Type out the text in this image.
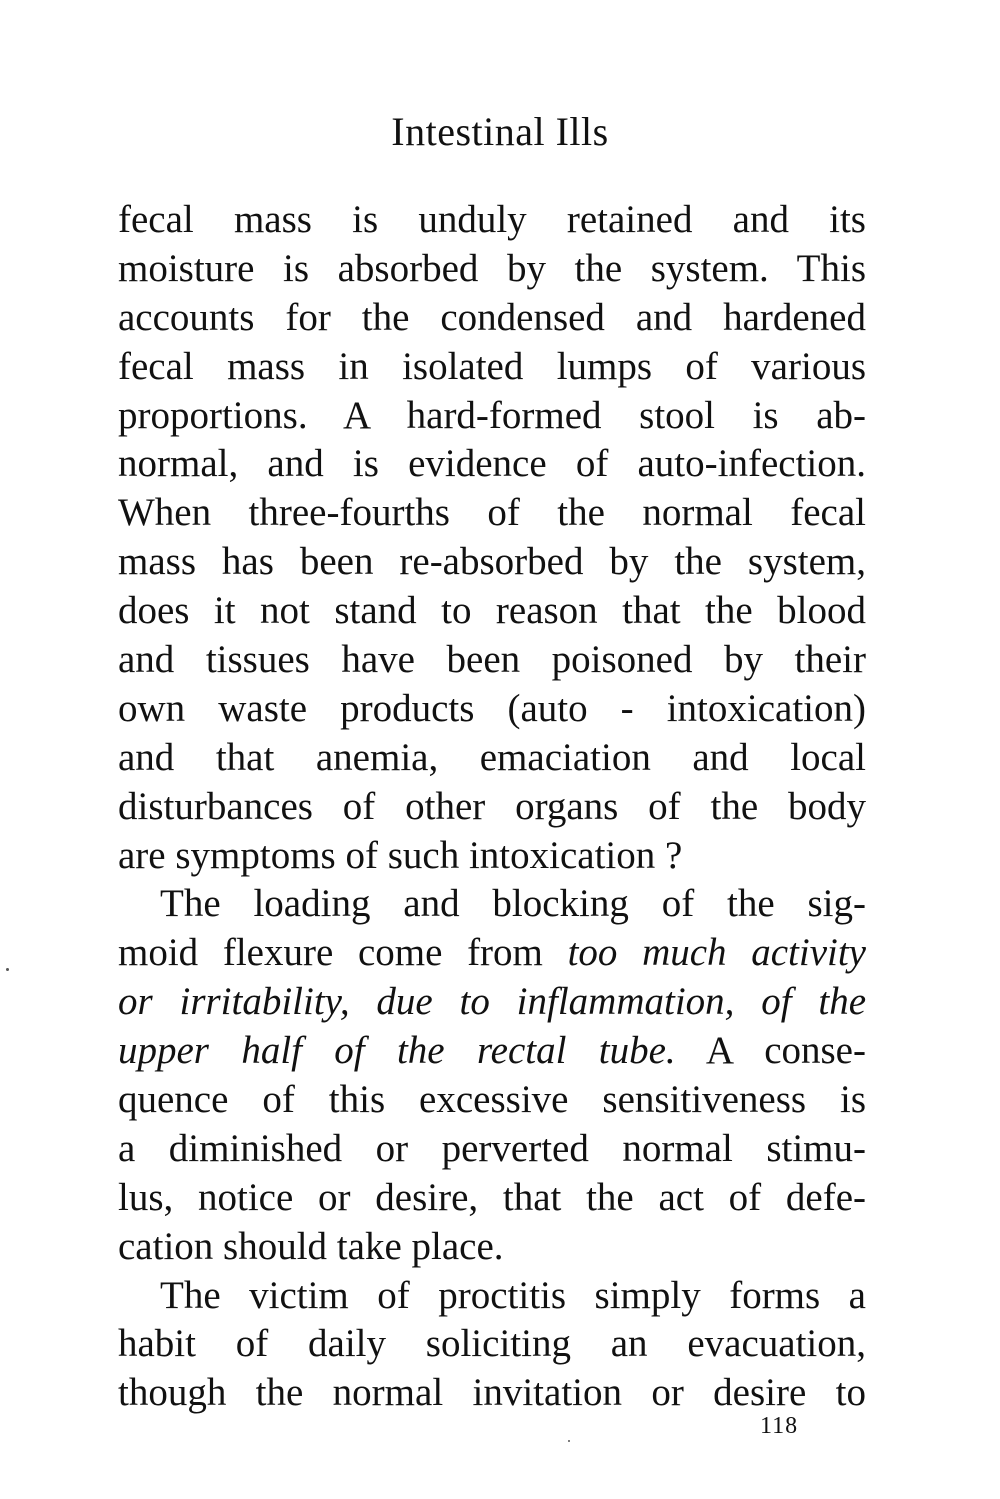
Intestinal Ills
fecal mass is unduly retained and its
moisture is absorbed by the system. This
accounts for the condensed and hardened
fecal mass in isolated lumps of various
proportions. A hard-formed stool is ab-
normal, and is evidence of auto-infection.
When three-fourths of the normal fecal
mass has been re-absorbed by the system,
does it not stand to reason that the blood
and tissues have been poisoned by their
own waste products (auto - intoxication)
and that anemia, emaciation and local
disturbances of other organs of the body
are symptoms of such intoxication ?
The loading and blocking of the sig-
moid flexure come from too much activity
or irritability, due to inflammation, of the
upper half of the rectal tube. A conse-
quence of this excessive sensitiveness is
a diminished or perverted normal stimu-
lus, notice or desire, that the act of defe-
cation should take place.
The victim of proctitis simply forms a
habit of daily soliciting an evacuation,
though the normal invitation or desire to
118
